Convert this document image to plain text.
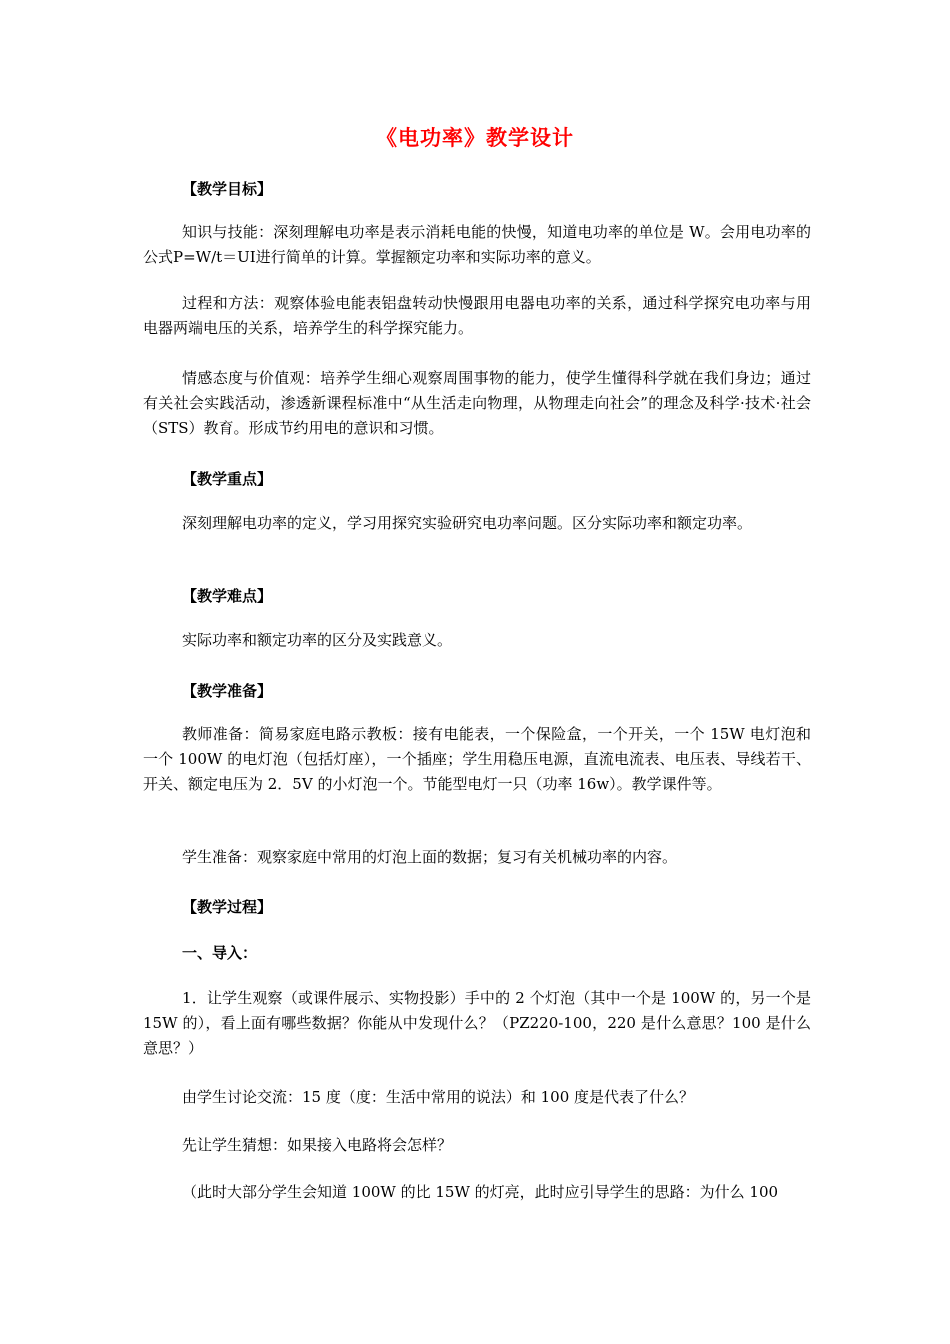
《电功率》教学设计
【教学目标】

知识与技能：深刻理解电功率是表示消耗电能的快慢，知道电功率的单位是 W。会用电功率的公式P=W/t＝UI进行简单的计算。掌握额定功率和实际功率的意义。

过程和方法：观察体验电能表铝盘转动快慢跟用电器电功率的关系，通过科学探究电功率与用电器两端电压的关系，培养学生的科学探究能力。

情感态度与价值观：培养学生细心观察周围事物的能力，使学生懂得科学就在我们身边；通过有关社会实践活动，渗透新课程标准中“从生活走向物理，从物理走向社会”的理念及科学·技术·社会（STS）教育。形成节约用电的意识和习惯。

【教学重点】

深刻理解电功率的定义，学习用探究实验研究电功率问题。区分实际功率和额定功率。

【教学难点】

实际功率和额定功率的区分及实践意义。

【教学准备】

教师准备：简易家庭电路示教板：接有电能表，一个保险盒，一个开关，一个 15W 电灯泡和一个 100W 的电灯泡（包括灯座），一个插座；学生用稳压电源，直流电流表、电压表、导线若干、开关、额定电压为 2．5V 的小灯泡一个。节能型电灯一只（功率 16w）。教学课件等。

学生准备：观察家庭中常用的灯泡上面的数据；复习有关机械功率的内容。

【教学过程】
一、导入：

1．让学生观察（或课件展示、实物投影）手中的 2 个灯泡（其中一个是 100W 的，另一个是 15W 的），看上面有哪些数据？你能从中发现什么？（PZ220-100，220 是什么意思？100 是什么意思？）

由学生讨论交流：15 度（度：生活中常用的说法）和 100 度是代表了什么？

先让学生猜想：如果接入电路将会怎样？

（此时大部分学生会知道 100W 的比 15W 的灯亮，此时应引导学生的思路：为什么 100
